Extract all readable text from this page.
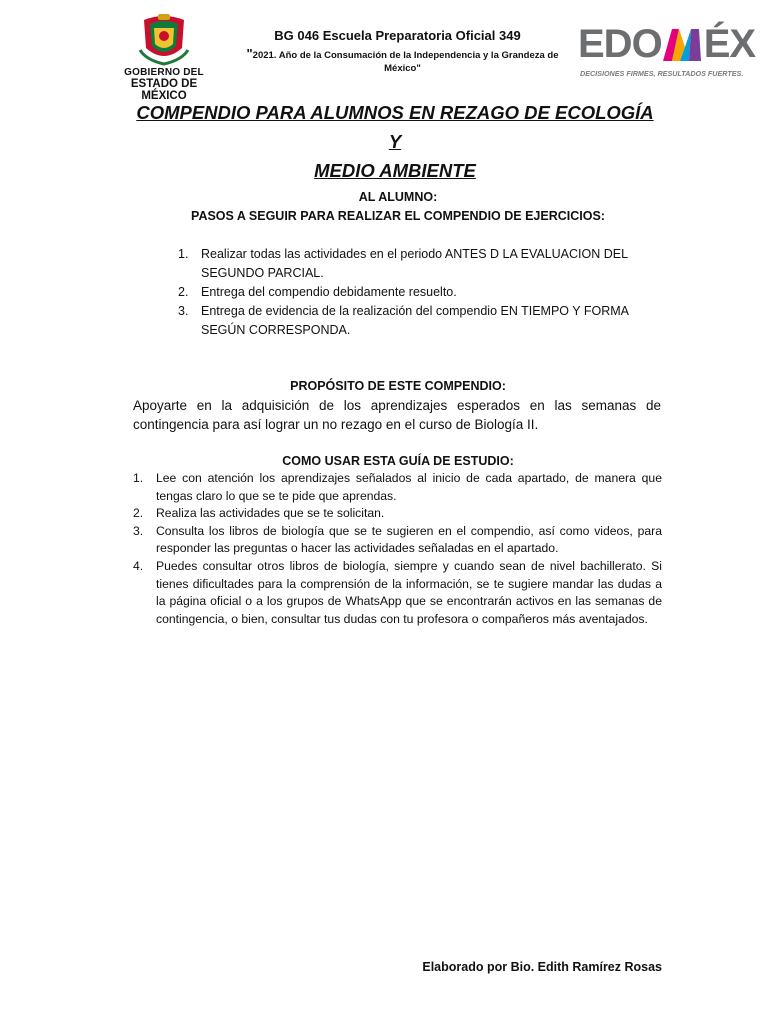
GOBIERNO DEL
ESTADO DE MÉXICO
BG 046 Escuela Preparatoria Oficial 349
"2021. Año de la Consumación de la Independencia y la Grandeza de México"
EDO ÉX
DECISIONES FIRMES, RESULTADOS FUERTES.
COMPENDIO PARA ALUMNOS EN REZAGO DE ECOLOGÍA Y
MEDIO AMBIENTE
AL ALUMNO:
PASOS A SEGUIR PARA REALIZAR EL COMPENDIO DE EJERCICIOS:
1. Realizar todas las actividades en el periodo ANTES D LA EVALUACION DEL SEGUNDO PARCIAL.
2. Entrega del compendio debidamente resuelto.
3. Entrega de evidencia de la realización del compendio EN TIEMPO Y FORMA SEGÚN CORRESPONDA.
PROPÓSITO DE ESTE COMPENDIO:
Apoyarte en la adquisición de los aprendizajes esperados en las semanas de contingencia para así lograr un no rezago en el curso de Biología II.
COMO USAR ESTA GUÍA DE ESTUDIO:
1. Lee con atención los aprendizajes señalados al inicio de cada apartado, de manera que tengas claro lo que se te pide que aprendas.
2. Realiza las actividades que se te solicitan.
3. Consulta los libros de biología que se te sugieren en el compendio, así como videos, para responder las preguntas o hacer las actividades señaladas en el apartado.
4. Puedes consultar otros libros de biología, siempre y cuando sean de nivel bachillerato. Si tienes dificultades para la comprensión de la información, se te sugiere mandar las dudas a la página oficial o a los grupos de WhatsApp que se encontrarán activos en las semanas de contingencia, o bien, consultar tus dudas con tu profesora o compañeros más aventajados.
Elaborado por Bio. Edith Ramírez Rosas
